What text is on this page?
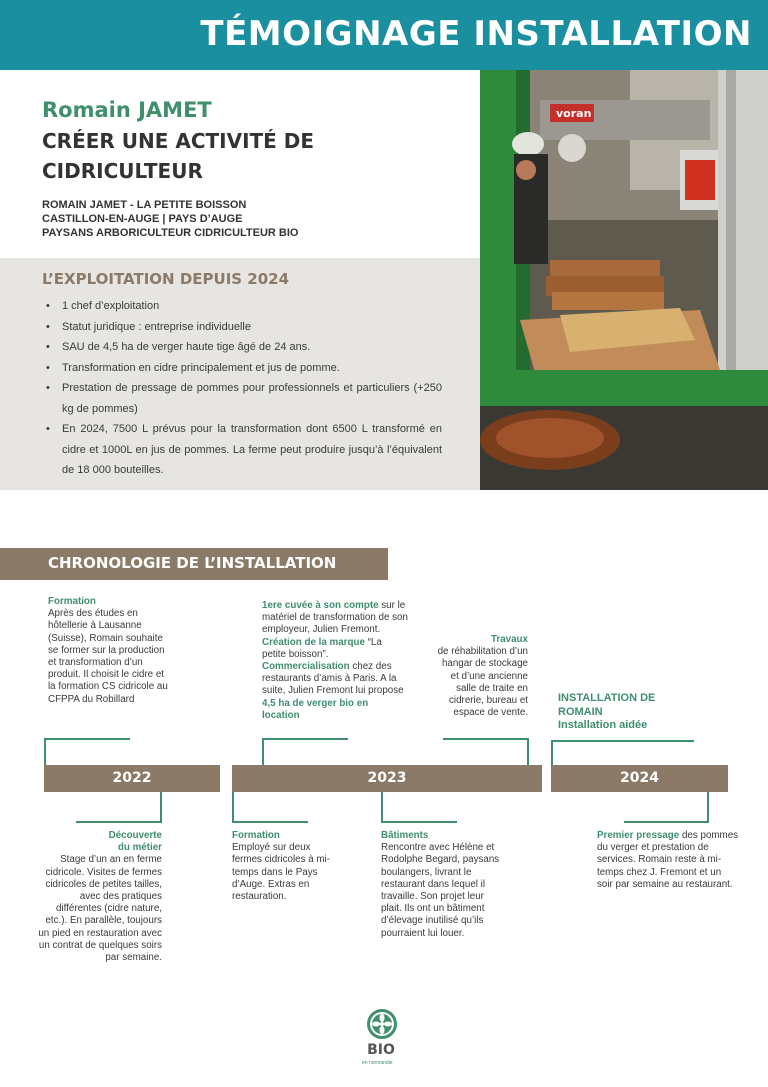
TÉMOIGNAGE INSTALLATION
Romain JAMET
CRÉER UNE ACTIVITÉ DE
CIDRICULTEUR
ROMAIN JAMET - LA PETITE BOISSON
CASTILLON-EN-AUGE | PAYS D’AUGE
PAYSANS ARBORICULTEUR CIDRICULTEUR BIO
voran
L’EXPLOITATION DEPUIS 2024
• 1 chef d’exploitation
• Statut juridique : entreprise individuelle
• SAU de 4,5 ha de verger haute tige âgé de 24 ans.
• Transformation en cidre principalement et jus de pomme.
• Prestation de pressage de pommes pour professionnels et particuliers (+250 kg de pommes)
• En 2024, 7500 L prévus pour la transformation dont 6500 L transformé en cidre et 1000L en jus de pommes. La ferme peut produire jusqu’à l’équivalent de 18 000 bouteilles.
CHRONOLOGIE DE L’INSTALLATION
2022	2023	2024
Formation
Après des études en hôtellerie à Lausanne (Suisse), Romain souhaite se former sur la production et transformation d’un produit. Il choisit le cidre et la formation CS cidricole au CFPPA du Robillard
1ere cuvée à son compte sur le matériel de transformation de son employeur, Julien Fremont. Création de la marque “La petite boisson”. Commercialisation chez des restaurants d’amis à Paris. A la suite, Julien Fremont lui propose 4,5 ha de verger bio en location
Travaux
de réhabilitation d’un hangar de stockage et d’une ancienne salle de traite en cidrerie, bureau et espace de vente.
INSTALLATION DE
ROMAIN
Installation aidée
Découverte
du métier
Stage d’un an en ferme cidricole. Visites de fermes cidricoles de petites tailles, avec des pratiques différentes (cidre nature, etc.). En parallèle, toujours un pied en restauration avec un contrat de quelques soirs par semaine.
Formation
Employé sur deux fermes cidricoles à mi-temps dans le Pays d’Auge. Extras en restauration.
Bâtiments
Rencontre avec Hélène et Rodolphe Begard, paysans boulangers, livrant le restaurant dans lequel il travaille. Son projet leur plait. Ils ont un bâtiment d’élevage inutilisé qu’ils pourraient lui louer.
Premier pressage des pommes du verger et prestation de services. Romain reste à mi-temps chez J. Fremont et un soir par semaine au restaurant.
BIO
en normandie
